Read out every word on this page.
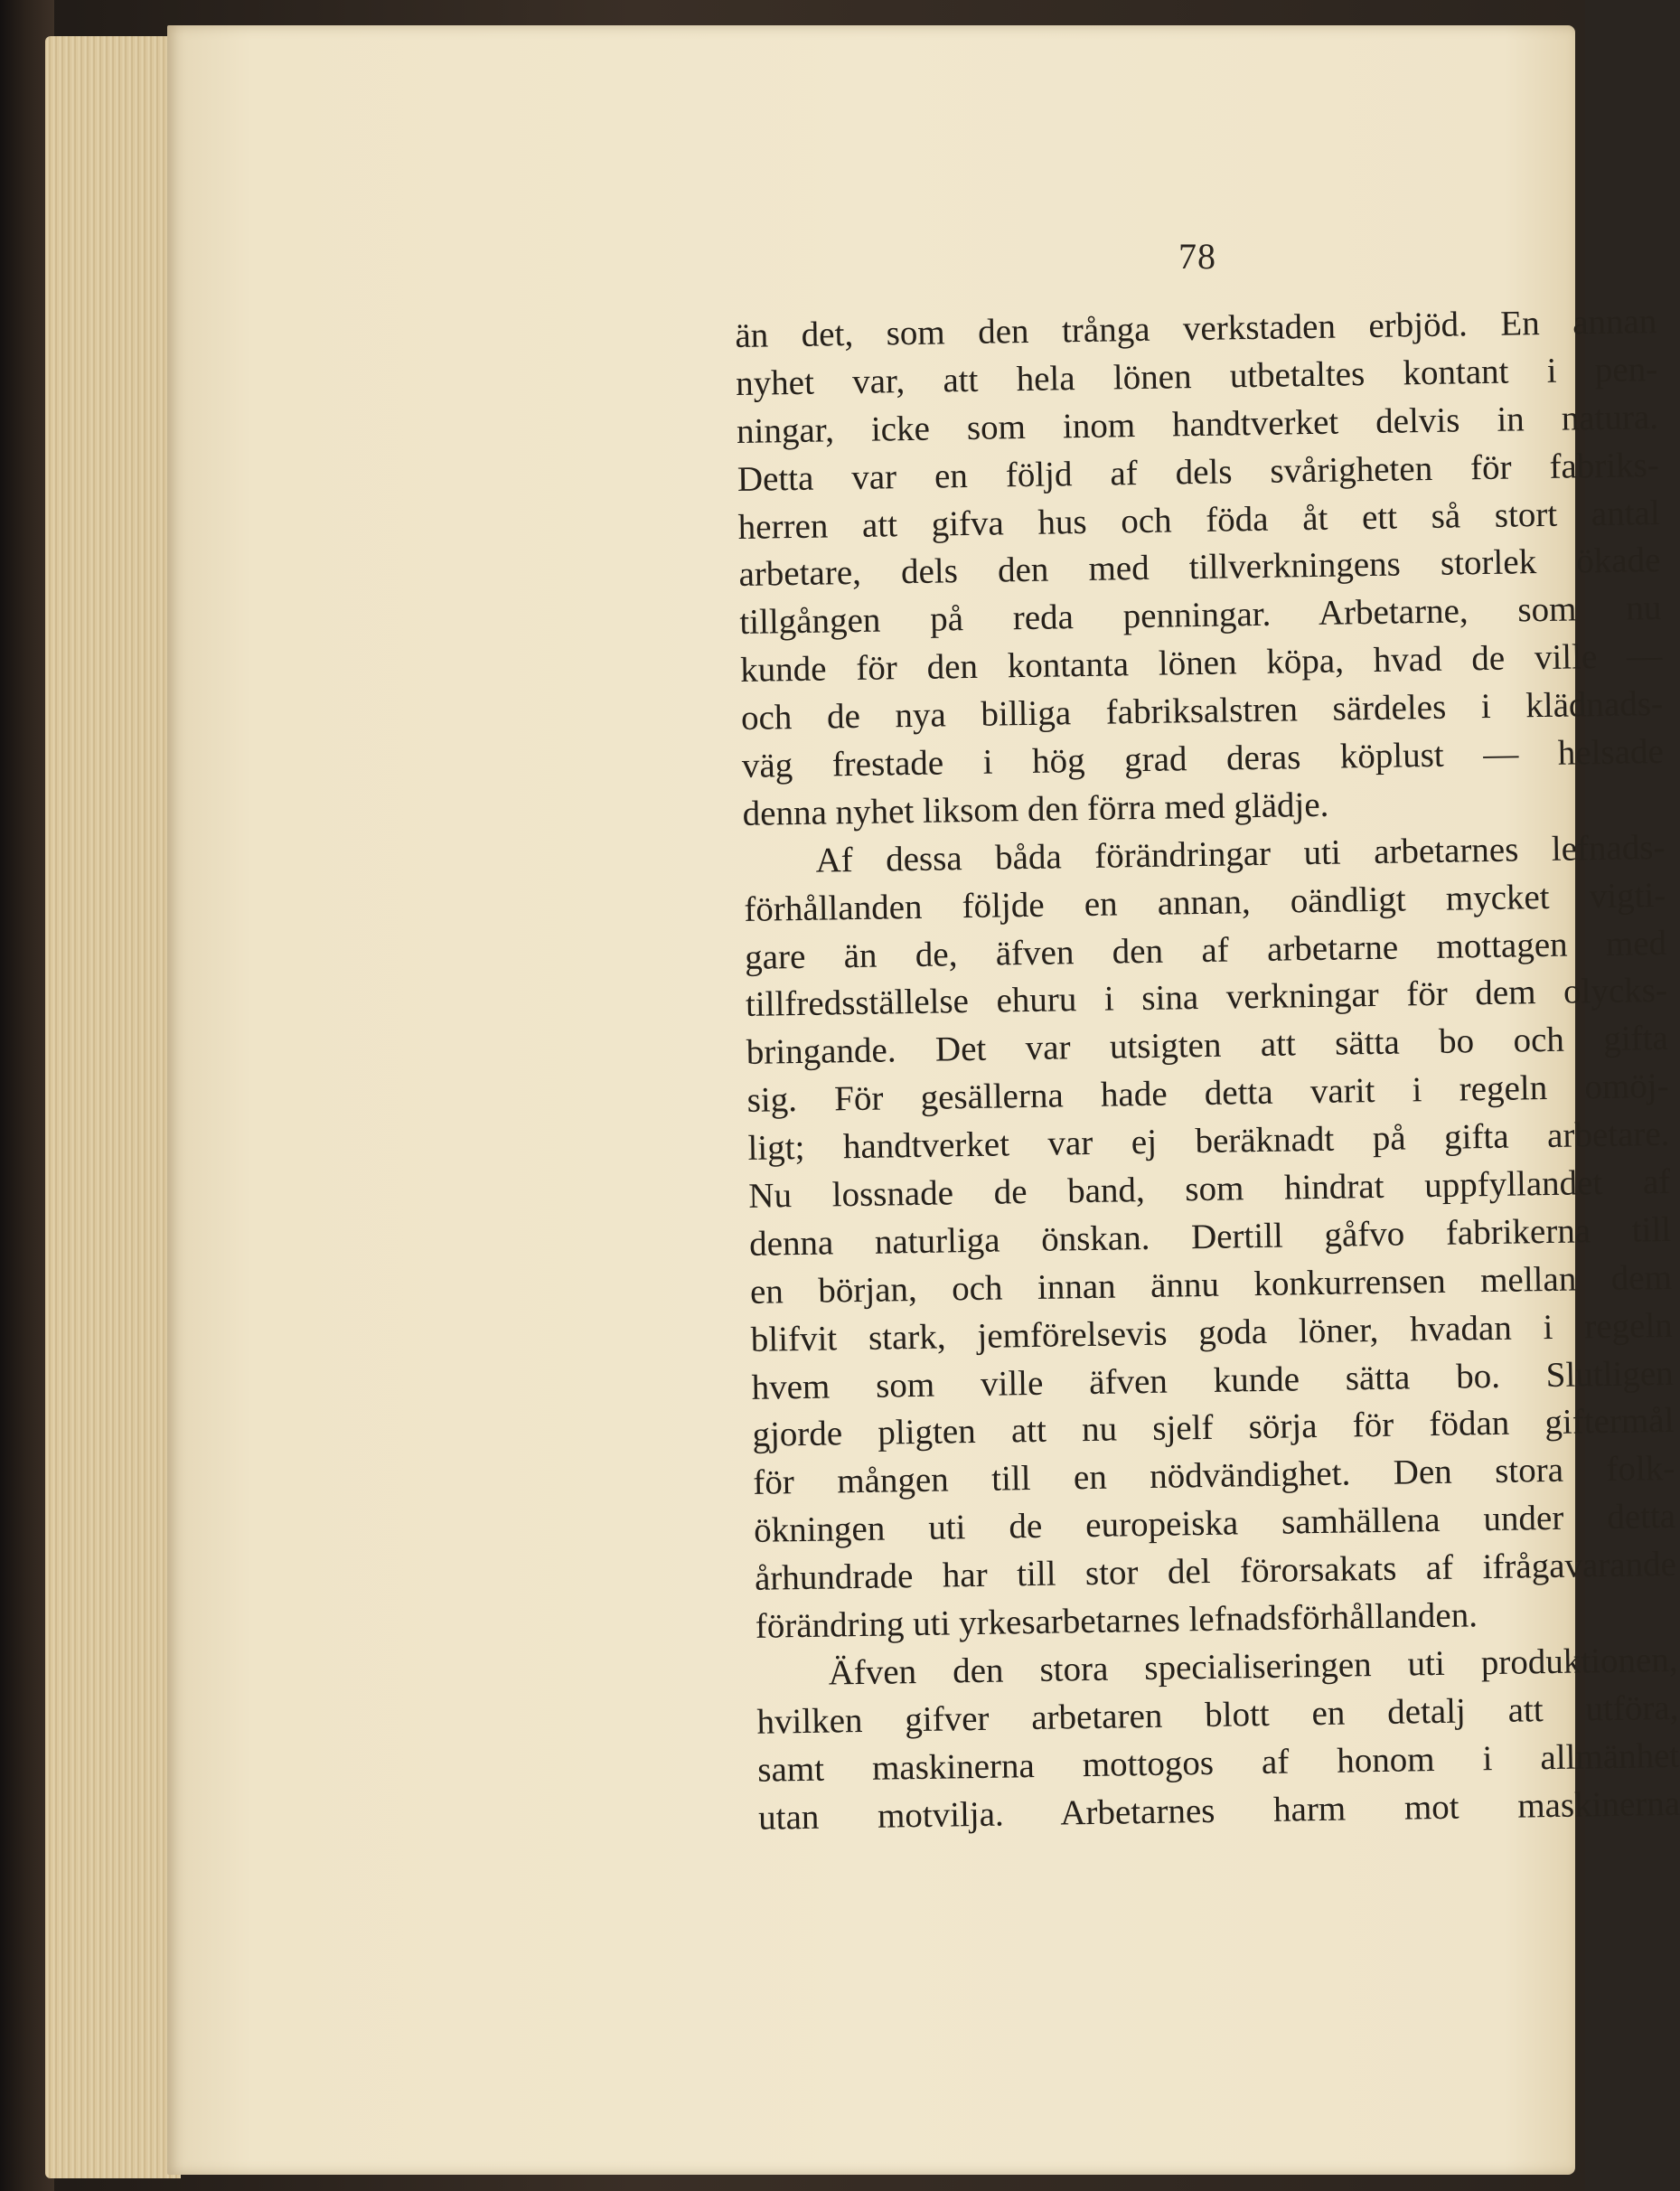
78
än det, som den trånga verkstaden erbjöd. En annan
nyhet var, att hela lönen utbetaltes kontant i pen-
ningar, icke som inom handtverket delvis in natura.
Detta var en följd af dels svårigheten för fabriks-
herren att gifva hus och föda åt ett så stort antal
arbetare, dels den med tillverkningens storlek ökade
tillgången på reda penningar. Arbetarne, som nu
kunde för den kontanta lönen köpa, hvad de ville —
och de nya billiga fabriksalstren särdeles i klädnads-
väg frestade i hög grad deras köplust — helsade
denna nyhet liksom den förra med glädje.
Af dessa båda förändringar uti arbetarnes lefnads-
förhållanden följde en annan, oändligt mycket vigti-
gare än de, äfven den af arbetarne mottagen med
tillfredsställelse ehuru i sina verkningar för dem olycks-
bringande. Det var utsigten att sätta bo och gifta
sig. För gesällerna hade detta varit i regeln omöj-
ligt; handtverket var ej beräknadt på gifta arbetare.
Nu lossnade de band, som hindrat uppfyllandet af
denna naturliga önskan. Dertill gåfvo fabrikerna till
en början, och innan ännu konkurrensen mellan dem
blifvit stark, jemförelsevis goda löner, hvadan i regeln
hvem som ville äfven kunde sätta bo. Slutligen
gjorde pligten att nu sjelf sörja för födan giftermål
för mången till en nödvändighet. Den stora folk-
ökningen uti de europeiska samhällena under detta
århundrade har till stor del förorsakats af ifrågavarande
förändring uti yrkesarbetarnes lefnadsförhållanden.
Äfven den stora specialiseringen uti produktionen,
hvilken gifver arbetaren blott en detalj att utföra,
samt maskinerna mottogos af honom i allmänhet
utan motvilja. Arbetarnes harm mot maskinerna
